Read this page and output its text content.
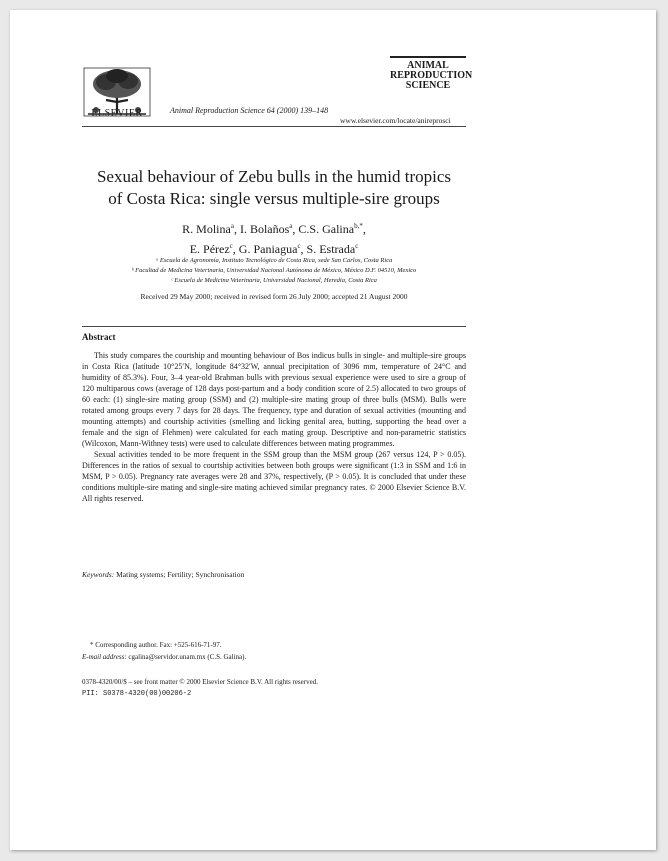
ELSEVIER	Animal Reproduction Science 64 (2000) 139–148
ANIMAL
REPRODUCTION
SCIENCE
www.elsevier.com/locate/anireprosci
Sexual behaviour of Zebu bulls in the humid tropics
of Costa Rica: single versus multiple-sire groups
R. Molina$^a$, I. Bolaños$^a$, C.S. Galina$^{b,*}$,
E. Pérez$^c$, G. Paniagua$^c$, S. Estrada$^c$
ᵃ Escuela de Agronomía, Instituto Tecnológico de Costa Rica, sede San Carlos, Costa Rica
ᵇ Facultad de Medicina Veterinaria, Universidad Nacional Autónoma de México, México D.F. 04510, Mexico
ᶜ Escuela de Medicina Veterinaria, Universidad Nacional, Heredia, Costa Rica
Received 29 May 2000; received in revised form 26 July 2000; accepted 21 August 2000
Abstract

This study compares the courtship and mounting behaviour of Bos indicus bulls in single- and multiple-sire groups in Costa Rica (latitude 10°25′N, longitude 84°32′W, annual precipitation of 3096 mm, temperature of 24°C and humidity of 85.3%). Four, 3–4 year-old Brahman bulls with previous sexual experience were used to sire a group of 120 multiparous cows (average of 128 days post-partum and a body condition score of 2.5) allocated to two groups of 60 each: (1) single-sire mating group (SSM) and (2) multiple-sire mating group of three bulls (MSM). Bulls were rotated among groups every 7 days for 28 days. The frequency, type and duration of sexual activities (mounting and mounting attempts) and courtship activities (smelling and licking genital area, butting, supporting the head over a female and the sign of Flehmen) were calculated for each mating group. Descriptive and non-parametric statistics (Wilcoxon, Mann-Withney tests) were used to calculate differences between mating programmes.

Sexual activities tended to be more frequent in the SSM group than the MSM group (267 versus 124, P > 0.05). Differences in the ratios of sexual to courtship activities between both groups were significant (1:3 in SSM and 1:6 in MSM, P > 0.05). Pregnancy rate averages were 28 and 37%, respectively, (P > 0.05). It is concluded that under these conditions multiple-sire mating and single-sire mating achieved similar pregnancy rates. © 2000 Elsevier Science B.V. All rights reserved.

Keywords: Mating systems; Fertility; Synchronisation
* Corresponding author. Fax: +525-616-71-97.
E-mail address: cgalina@servidor.unam.mx (C.S. Galina).
0378-4320/00/$ – see front matter © 2000 Elsevier Science B.V. All rights reserved.
PII: S0378-4320(00)00206-2
